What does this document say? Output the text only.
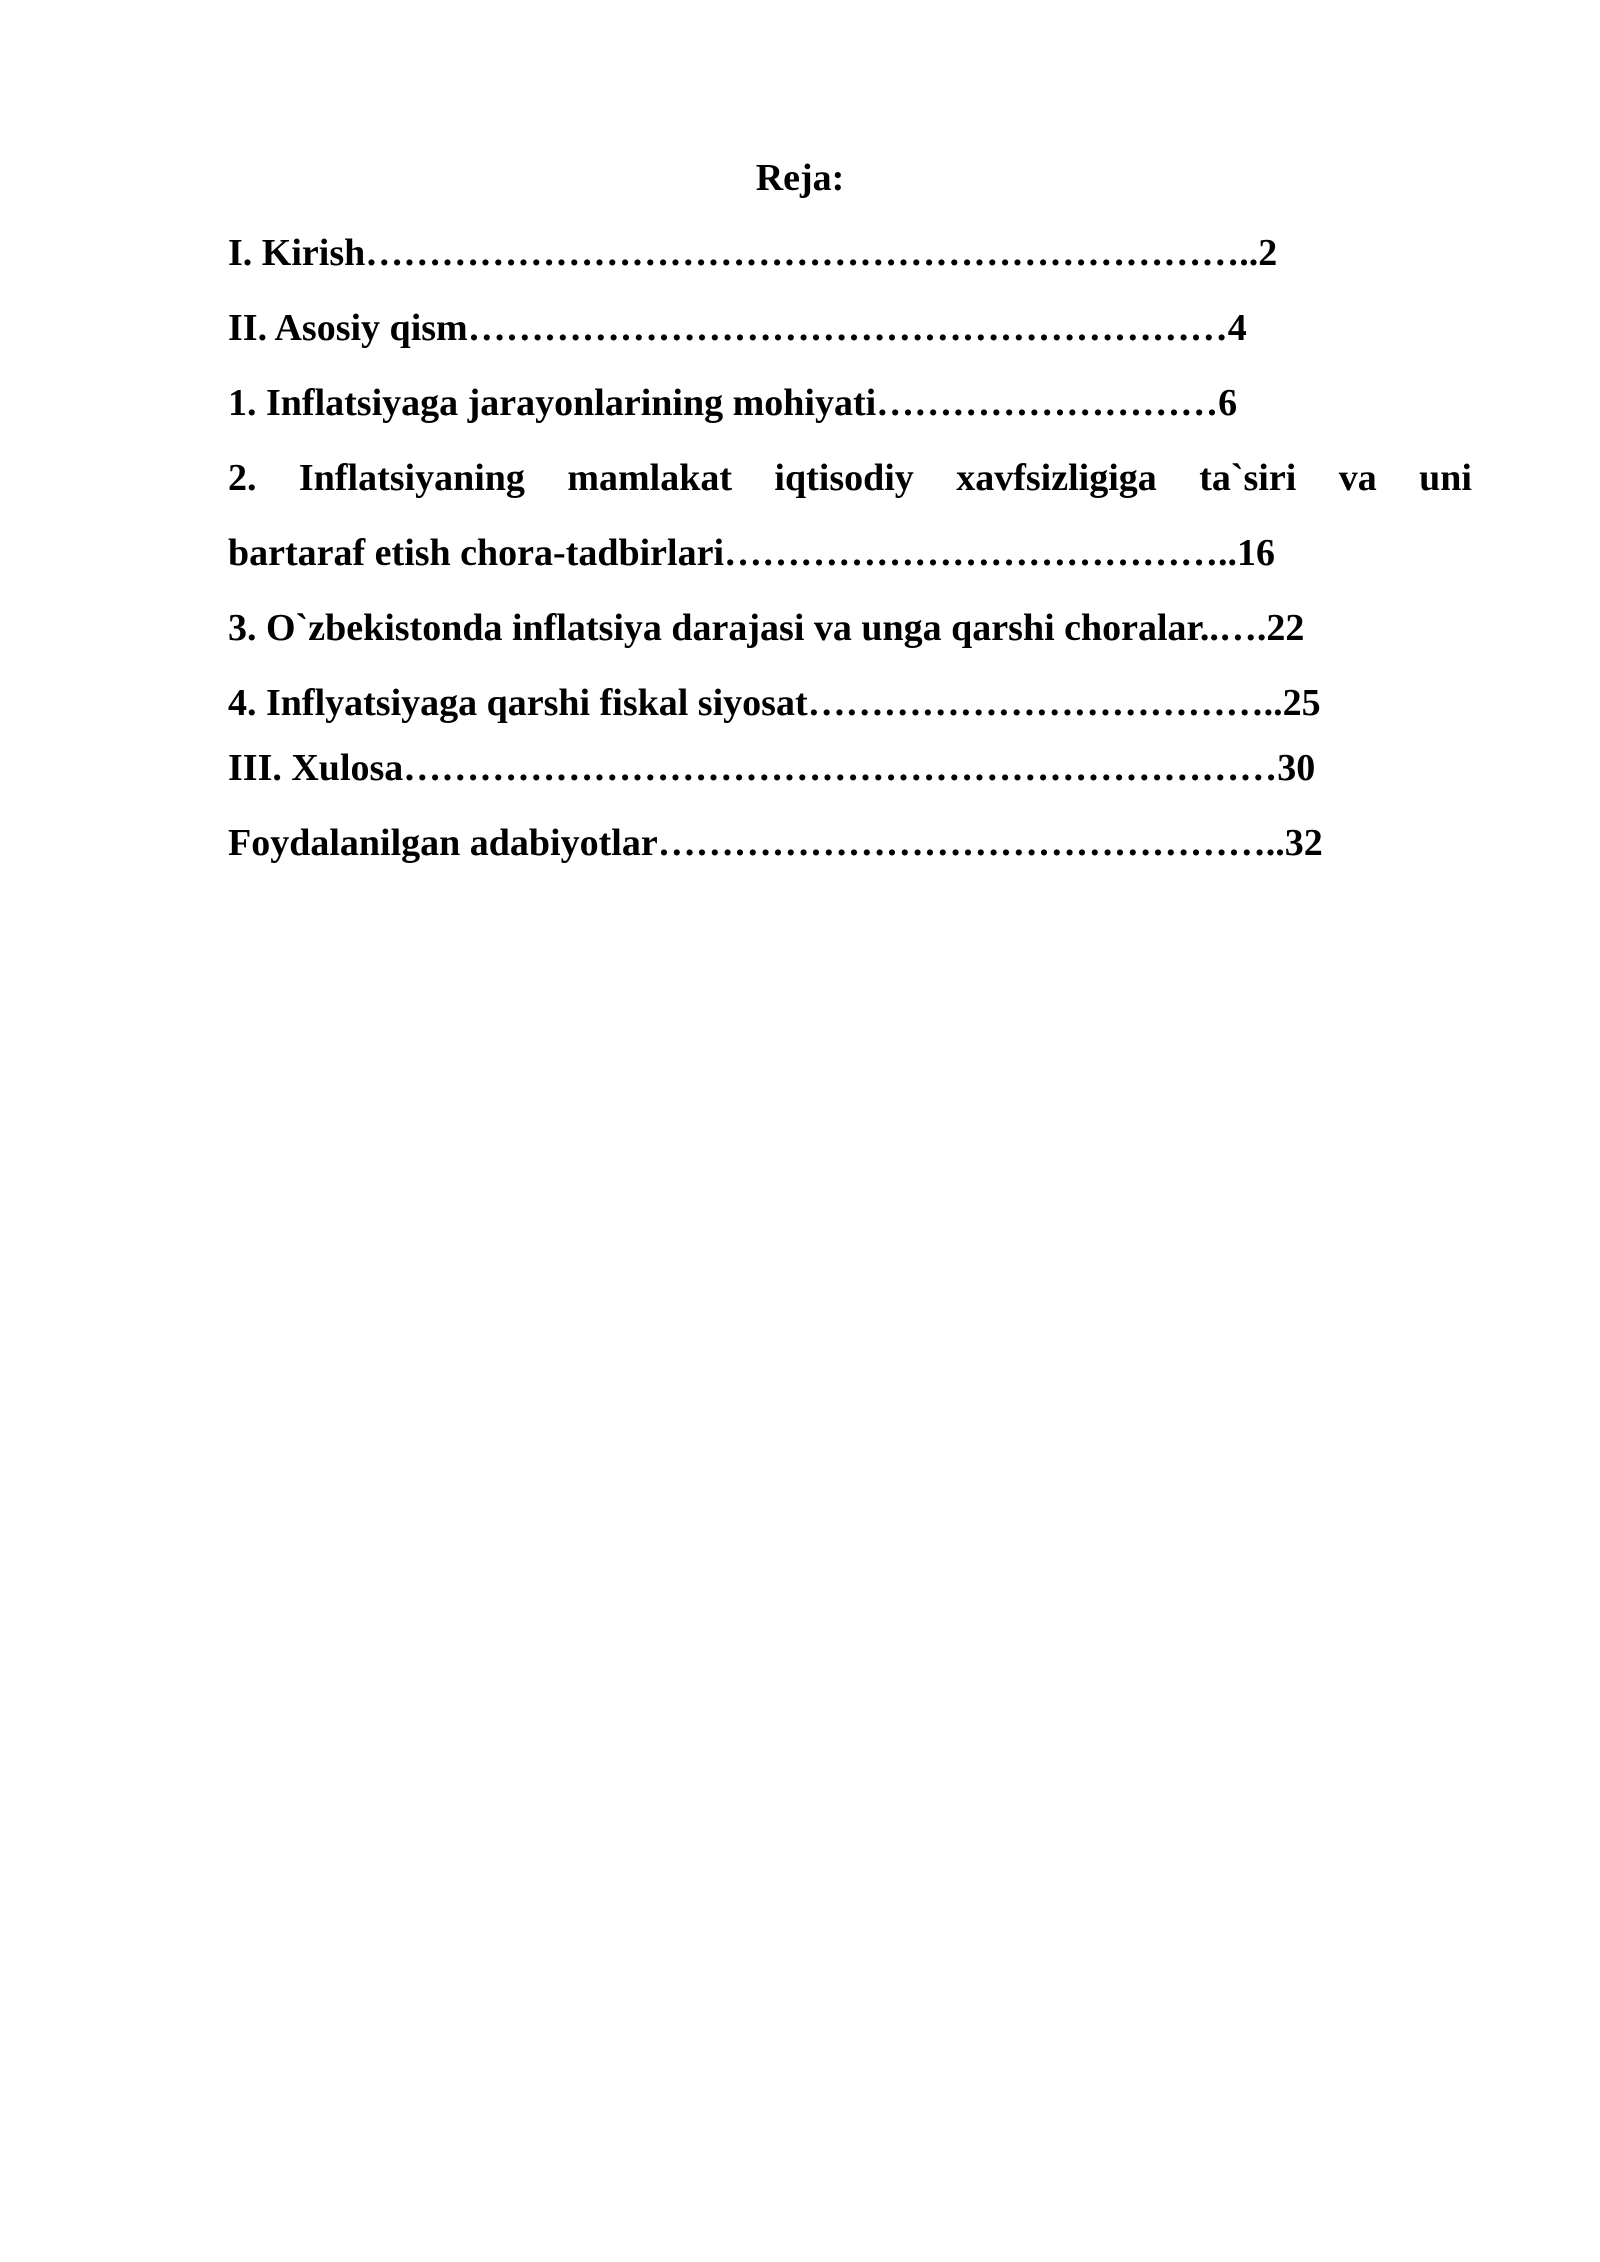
Reja:
I. Kirish……………………………………………………………..2
II. Asosiy qism……………………………………………………4
1. Inflatsiyaga jarayonlarining mohiyati………………………6
2. Inflatsiyaning mamlakat iqtisodiy xavfsizligiga ta`siri va uni
bartaraf etish chora-tadbirlari…………………………………..16
3. O`zbekistonda inflatsiya darajasi va unga qarshi choralar..….22
4. Inflyatsiyaga qarshi fiskal siyosat………………………………..25
III. Xulosa……………………………………………………………30
Foydalanilgan adabiyotlar…………………………………………..32
